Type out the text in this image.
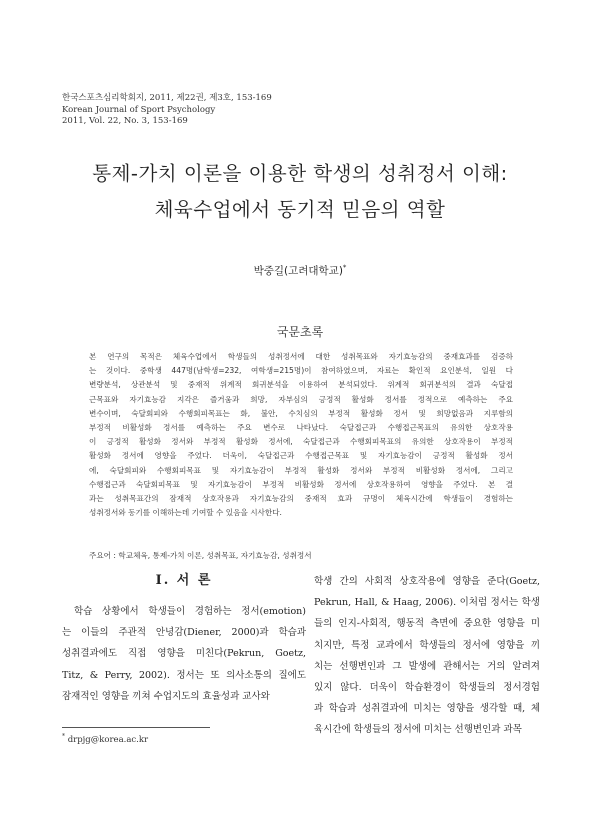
한국스포츠심리학회지, 2011, 제22권, 제3호, 153-169
Korean Journal of Sport Psychology
2011, Vol. 22, No. 3, 153-169
통제-가치 이론을 이용한 학생의 성취정서 이해:
체육수업에서 동기적 믿음의 역할
박중길(고려대학교)*
국문초록
본 연구의 목적은 체육수업에서 학생들의 성취정서에 대한 성취목표와 자기효능감의 중재효과를 검증하
는 것이다. 중학생 447명(남학생=232, 여학생=215명)이 참여하였으며, 자료는 확인적 요인분석, 일원 다
변량분석, 상관분석 및 중재적 위계적 회귀분석을 이용하여 분석되었다. 위계적 회귀분석의 결과 숙달접
근목표와 자기효능감 지각은 즐거움과 희망, 자부심의 긍정적 활성화 정서를 정적으로 예측하는 주요
변수이며, 숙달회피와 수행회피목표는 화, 불안, 수치심의 부정적 활성화 정서 및 희망없음과 지루함의
부정적 비활성화 정서를 예측하는 주요 변수로 나타났다. 숙달접근과 수행접근목표의 유의한 상호작용
이 긍정적 활성화 정서와 부정적 활성화 정서에, 숙달접근과 수행회피목표의 유의한 상호작용이 부정적
활성화 정서에 영향을 주었다. 더욱이, 숙달접근과 수행접근목표 및 자기효능감이 긍정적 활성화 정서
에, 숙달회피와 수행회피목표 및 자기효능감이 부정적 활성화 정서와 부정적 비활성화 정서에, 그리고
수행접근과 숙달회피목표 및 자기효능감이 부정적 비활성화 정서에 상호작용하여 영향을 주었다. 본 결
과는 성취목표간의 잠재적 상호작용과 자기효능감의 중재적 효과 규명이 체육시간에 학생들이 경험하는
성취정서와 동기를 이해하는데 기여할 수 있음을 시사한다.
주요어 : 학교체육, 통제-가치 이론, 성취목표, 자기효능감, 성취정서
I. 서 론
학습 상황에서 학생들이 경험하는 정서(emotion)
는 이들의 주관적 안녕감(Diener, 2000)과 학습과
성취결과에도 직접 영향을 미친다(Pekrun, Goetz,
Titz, & Perry, 2002). 정서는 또 의사소통의 질에도
잠재적인 영향을 끼쳐 수업지도의 효율성과 교사와
학생 간의 사회적 상호작용에 영향을 준다(Goetz,
Pekrun, Hall, & Haag, 2006). 이처럼 정서는 학생
들의 인지-사회적, 행동적 측면에 중요한 영향을 미
치지만, 특정 교과에서 학생들의 정서에 영향을 끼
치는 선행변인과 그 발생에 관해서는 거의 알려져
있지 않다. 더욱이 학습환경이 학생들의 정서경험
과 학습과 성취결과에 미치는 영향을 생각할 때, 체
육시간에 학생들의 정서에 미치는 선행변인과 과목
* drpjg@korea.ac.kr
